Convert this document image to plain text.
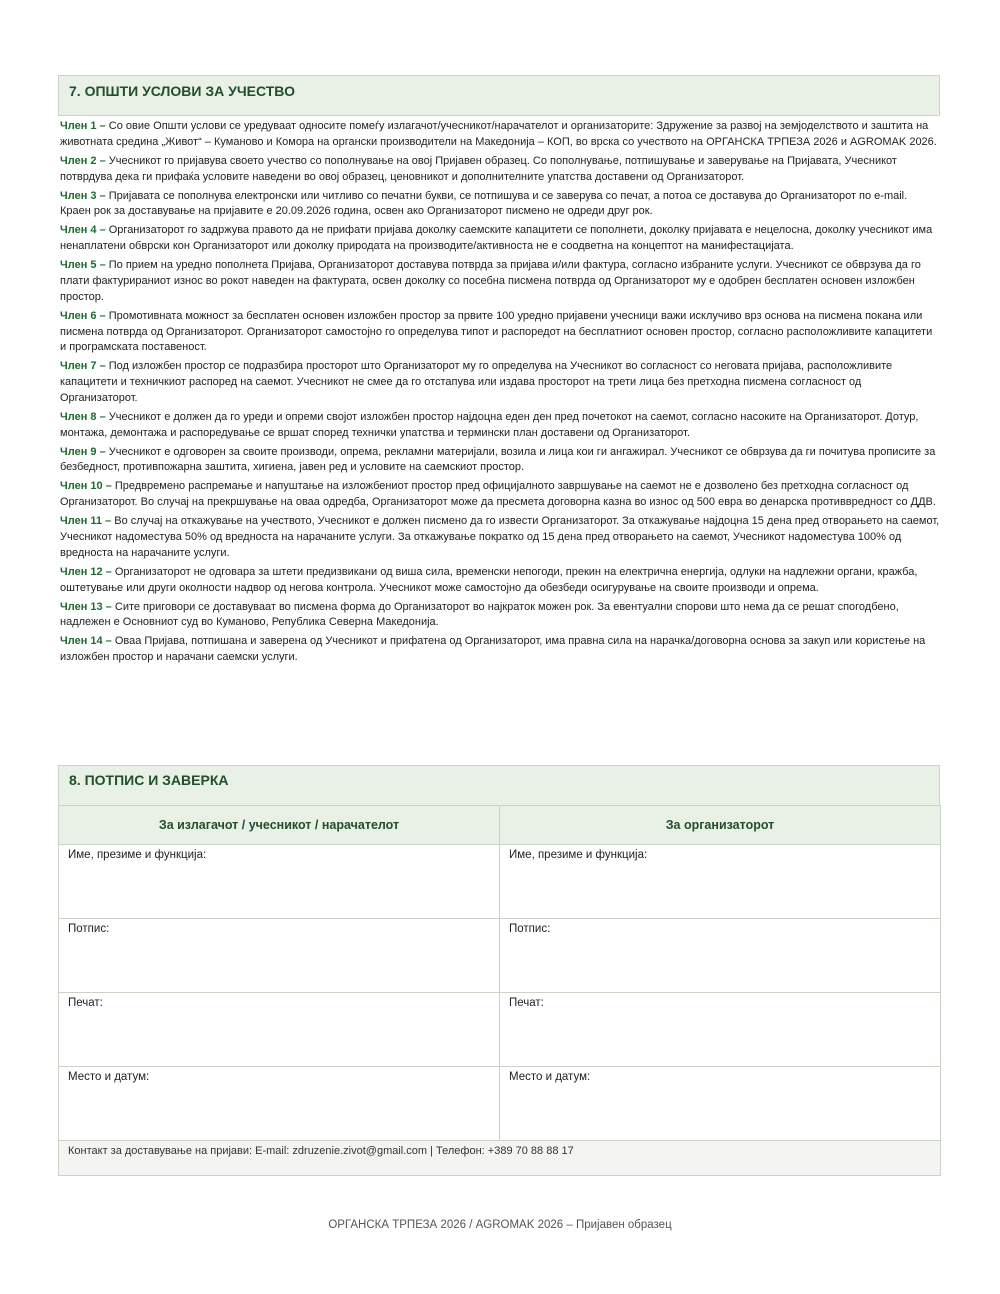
7. ОПШТИ УСЛОВИ ЗА УЧЕСТВО

Член 1 – Со овие Општи услови се уредуваат односите помеѓу излагачот/учесникот/нарачателот и организаторите: Здружение за развој на земјоделството и заштита на животната средина „Живот“ – Куманово и Комора на органски производители на Македонија – КОП, во врска со учеството на ОРГАНСКА ТРПЕЗА 2026 и AGROMAK 2026.

Член 2 – Учесникот го пријавува своето учество со пополнување на овој Пријавен образец. Со пополнување, потпишување и заверување на Пријавата, Учесникот потврдува дека ги прифаќа условите наведени во овој образец, ценовникот и дополнителните упатства доставени од Организаторот.

Член 3 – Пријавата се пополнува електронски или читливо со печатни букви, се потпишува и се заверува со печат, а потоа се доставува до Организаторот по e-mail. Краен рок за доставување на пријавите е 20.09.2026 година, освен ако Организаторот писмено не одреди друг рок.

Член 4 – Организаторот го задржува правото да не прифати пријава доколку саемските капацитети се пополнети, доколку пријавата е нецелосна, доколку учесникот има ненаплатени обврски кон Организаторот или доколку природата на производите/активноста не е соодветна на концептот на манифестацијата.

Член 5 – По прием на уредно пополнета Пријава, Организаторот доставува потврда за пријава и/или фактура, согласно избраните услуги. Учесникот се обврзува да го плати фактурираниот износ во рокот наведен на фактурата, освен доколку со посебна писмена потврда од Организаторот му е одобрен бесплатен основен изложбен простор.

Член 6 – Промотивната можност за бесплатен основен изложбен простор за првите 100 уредно пријавени учесници важи исклучиво врз основа на писмена покана или писмена потврда од Организаторот. Организаторот самостојно го определува типот и распоредот на бесплатниот основен простор, согласно расположливите капацитети и програмската поставеност.

Член 7 – Под изложбен простор се подразбира просторот што Организаторот му го определува на Учесникот во согласност со неговата пријава, расположливите капацитети и техничкиот распоред на саемот. Учесникот не смее да го отстапува или издава просторот на трети лица без претходна писмена согласност од Организаторот.

Член 8 – Учесникот е должен да го уреди и опреми својот изложбен простор најдоцна еден ден пред почетокот на саемот, согласно насоките на Организаторот. Дотур, монтажа, демонтажа и распоредување се вршат според технички упатства и термински план доставени од Организаторот.

Член 9 – Учесникот е одговорен за своите производи, опрема, рекламни материјали, возила и лица кои ги ангажирал. Учесникот се обврзува да ги почитува прописите за безбедност, противпожарна заштита, хигиена, јавен ред и условите на саемскиот простор.

Член 10 – Предвремено распремање и напуштање на изложбениот простор пред официјалното завршување на саемот не е дозволено без претходна согласност од Организаторот. Во случај на прекршување на оваа одредба, Организаторот може да пресмета договорна казна во износ од 500 евра во денарска противвредност со ДДВ.

Член 11 – Во случај на откажување на учеството, Учесникот е должен писмено да го извести Организаторот. За откажување најдоцна 15 дена пред отворањето на саемот, Учесникот надоместува 50% од вредноста на нарачаните услуги. За откажување пократко од 15 дена пред отворањето на саемот, Учесникот надоместува 100% од вредноста на нарачаните услуги.

Член 12 – Организаторот не одговара за штети предизвикани од виша сила, временски непогоди, прекин на електрична енергија, одлуки на надлежни органи, кражба, оштетување или други околности надвор од негова контрола. Учесникот може самостојно да обезбеди осигурување на своите производи и опрема.

Член 13 – Сите приговори се доставуваат во писмена форма до Организаторот во најкраток можен рок. За евентуални спорови што нема да се решат спогодбено, надлежен е Основниот суд во Куманово, Република Северна Македонија.

Член 14 – Оваа Пријава, потпишана и заверена од Учесникот и прифатена од Организаторот, има правна сила на нарачка/договорна основа за закуп или користење на изложбен простор и нарачани саемски услуги.

8. ПОТПИС И ЗАВЕРКА
За излагачот / учесникот / нарачателот	За организаторот
Име, презиме и функција:	Име, презиме и функција:
Потпис:	Потпис:
Печат:	Печат:
Место и датум:	Место и датум:
Контакт за доставување на пријави: E-mail: zdruzenie.zivot@gmail.com | Телефон: +389 70 88 88 17	
ОРГАНСКА ТРПЕЗА 2026 / AGROMAK 2026 – Пријавен образец
